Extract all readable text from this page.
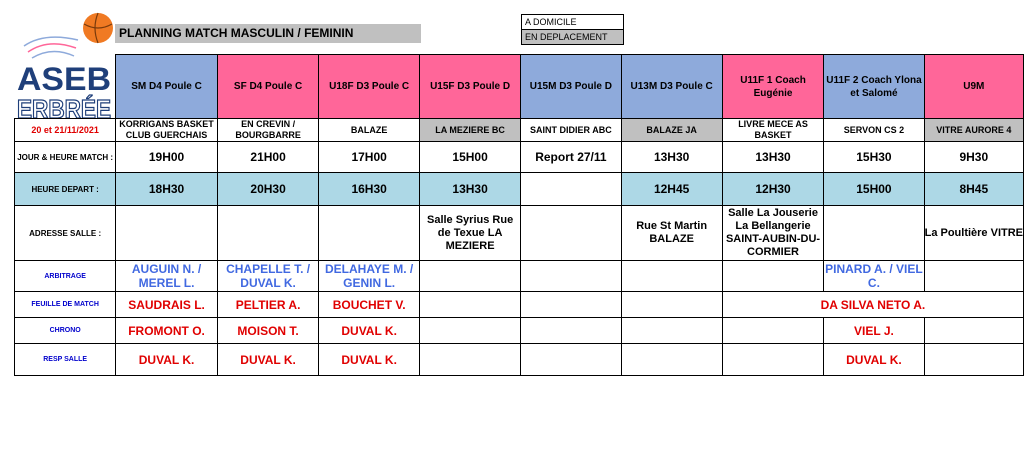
ASEB
ERBRÉE
PLANNING MATCH MASCULIN / FEMININ
A DOMICILE
EN DEPLACEMENT
	SM D4 Poule C	SF D4 Poule C	U18F D3 Poule C	U15F D3 Poule D	U15M D3 Poule D	U13M D3 Poule C	U11F 1 Coach Eugénie	U11F 2 Coach Ylona et Salomé	U9M
20 et 21/11/2021	KORRIGANS BASKET CLUB GUERCHAIS	EN CREVIN / BOURGBARRE	BALAZE	LA MEZIERE BC	SAINT DIDIER ABC	BALAZE JA	LIVRE MECE AS BASKET	SERVON CS 2	VITRE AURORE 4
JOUR & HEURE MATCH :	19H00	21H00	17H00	15H00	Report 27/11	13H30	13H30	15H30	9H30
HEURE DEPART :	18H30	20H30	16H30	13H30		12H45	12H30	15H00	8H45
ADRESSE SALLE :				Salle Syrius Rue de Texue LA MEZIERE		Rue St Martin BALAZE	Salle La Jouserie La Bellangerie SAINT-AUBIN-DU-CORMIER		La Poultière VITRE
ARBITRAGE	AUGUIN N. / MEREL L.	CHAPELLE T. / DUVAL K.	DELAHAYE M. / GENIN L.					PINARD A. / VIEL C.	
FEUILLE DE MATCH	SAUDRAIS L.	PELTIER A.	BOUCHET V.				DA SILVA NETO A.		
CHRONO	FROMONT O.	MOISON T.	DUVAL K.					VIEL J.	
RESP SALLE	DUVAL K.	DUVAL K.	DUVAL K.					DUVAL K.	
